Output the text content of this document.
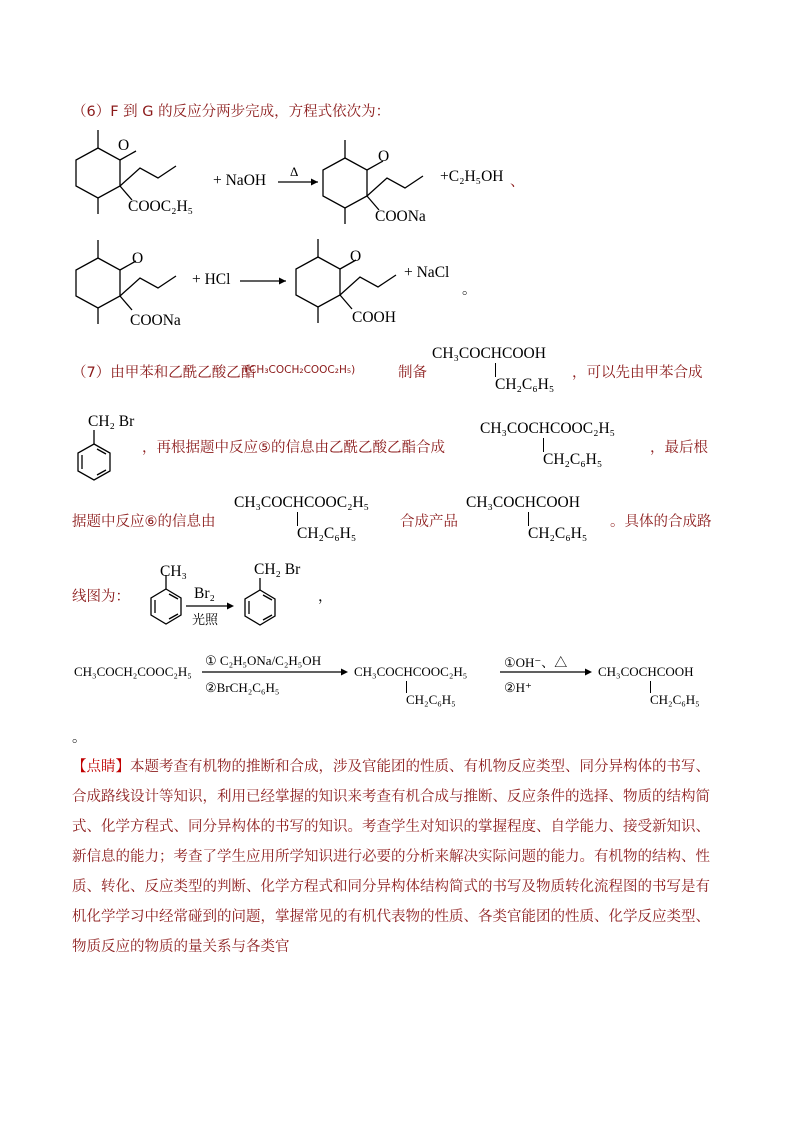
（6）F 到 G 的反应分两步完成，方程式依次为：
O
COOC₂H₅
+ NaOH
Δ
O
COONa
+C₂H₅OH 、
O
COONa
+ HCl
O
COOH
+ NaCl
。
（7）由甲苯和乙酰乙酸乙酯
(CH₃COCH₂COOC₂H₅)	制备
CH₃COCHCOOH
CH₂C₆H₅
，可以先由甲苯合成
CH₂ Br
，再根据题中反应⑤的信息由乙酰乙酸乙酯合成
CH₃COCHCOOC₂H₅
CH₂C₆H₅
，最后根
据题中反应⑥的信息由
CH₃COCHCOOC₂H₅
CH₂C₆H₅
合成产品
CH₃COCHCOOH
CH₂C₆H₅
。具体的合成路
线图为：
CH₃
Br₂
光照
CH₂ Br
，
CH₃COCH₂COOC₂H₅
① C₂H₅ONa/C₂H₅OH
②BrCH₂C₆H₅
CH₃COCHCOOC₂H₅
CH₂C₆H₅
①OH⁻、△
②H⁺
CH₃COCHCOOH
CH₂C₆H₅
。
【点睛】本题考查有机物的推断和合成，涉及官能团的性质、有机物反应类型、同分异构体的书写、合成路线设计等知识，利用已经掌握的知识来考查有机合成与推断、反应条件的选择、物质的结构简式、化学方程式、同分异构体的书写的知识。考查学生对知识的掌握程度、自学能力、接受新知识、新信息的能力；考查了学生应用所学知识进行必要的分析来解决实际问题的能力。有机物的结构、性质、转化、反应类型的判断、化学方程式和同分异构体结构简式的书写及物质转化流程图的书写是有机化学学习中经常碰到的问题，掌握常见的有机代表物的性质、各类官能团的性质、化学反应类型、物质反应的物质的量关系与各类官
